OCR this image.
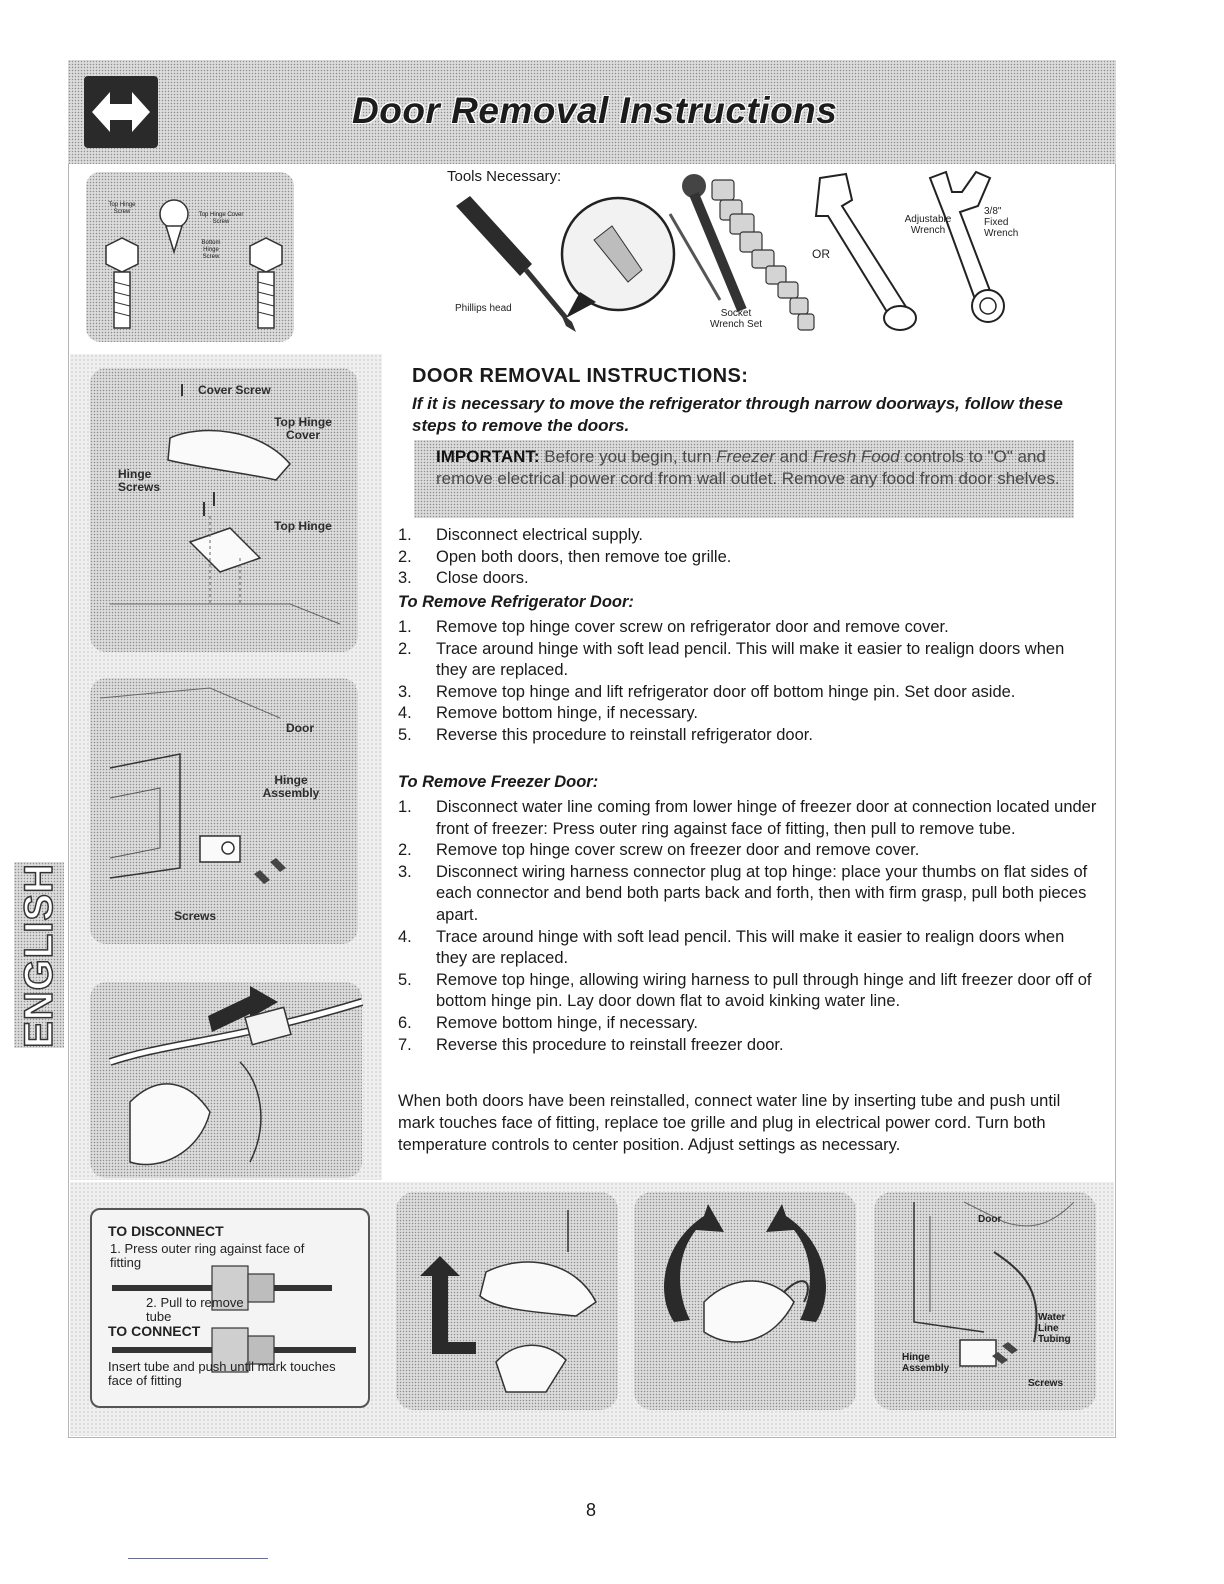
Door Removal Instructions
Top Hinge Screw	Top Hinge Cover Screw
Bottom Hinge Screw
Tools Necessary:
Phillips head	Socket Wrench Set
OR
Adjustable Wrench
3/8" Fixed Wrench
Cover Screw
Top Hinge Cover
Hinge Screws
Top Hinge
Door
Hinge Assembly
Screws
DOOR REMOVAL INSTRUCTIONS:
If it is necessary to move the refrigerator through narrow doorways, follow these steps to remove the doors.
IMPORTANT: Before you begin, turn Freezer and Fresh Food controls to "O" and remove electrical power cord from wall outlet. Remove any food from door shelves.
1.	Disconnect electrical supply.
2.	Open both doors, then remove toe grille.
3.	Close doors.
To Remove Refrigerator Door:
1.	Remove top hinge cover screw on refrigerator door and remove cover.
2.	Trace around hinge with soft lead pencil. This will make it easier to realign doors when they are replaced.
3.	Remove top hinge and lift refrigerator door off bottom hinge pin. Set door aside.
4.	Remove bottom hinge, if necessary.
5.	Reverse this procedure to reinstall refrigerator door.
To Remove Freezer Door:
1.	Disconnect water line coming from lower hinge of freezer door at connection located under front of freezer: Press outer ring against face of fitting, then pull to remove tube.
2.	Remove top hinge cover screw on freezer door and remove cover.
3.	Disconnect wiring harness connector plug at top hinge: place your thumbs on flat sides of each connector and bend both parts back and forth, then with firm grasp, pull both pieces apart.
4.	Trace around hinge with soft lead pencil. This will make it easier to realign doors when they are replaced.
5.	Remove top hinge, allowing wiring harness to pull through hinge and lift freezer door off of bottom hinge pin. Lay door down flat to avoid kinking water line.
6.	Remove bottom hinge, if necessary.
7.	Reverse this procedure to reinstall freezer door.
When both doors have been reinstalled, connect water line by inserting tube and push until mark touches face of fitting, replace toe grille and plug in electrical power cord. Turn both temperature controls to center position. Adjust settings as necessary.
TO DISCONNECT
1. Press outer ring against face of fitting
2. Pull to remove tube
TO CONNECT
Insert tube and push until mark touches face of fitting
Door
Water Line Tubing
Hinge Assembly
Screws
ENGLISH
8
